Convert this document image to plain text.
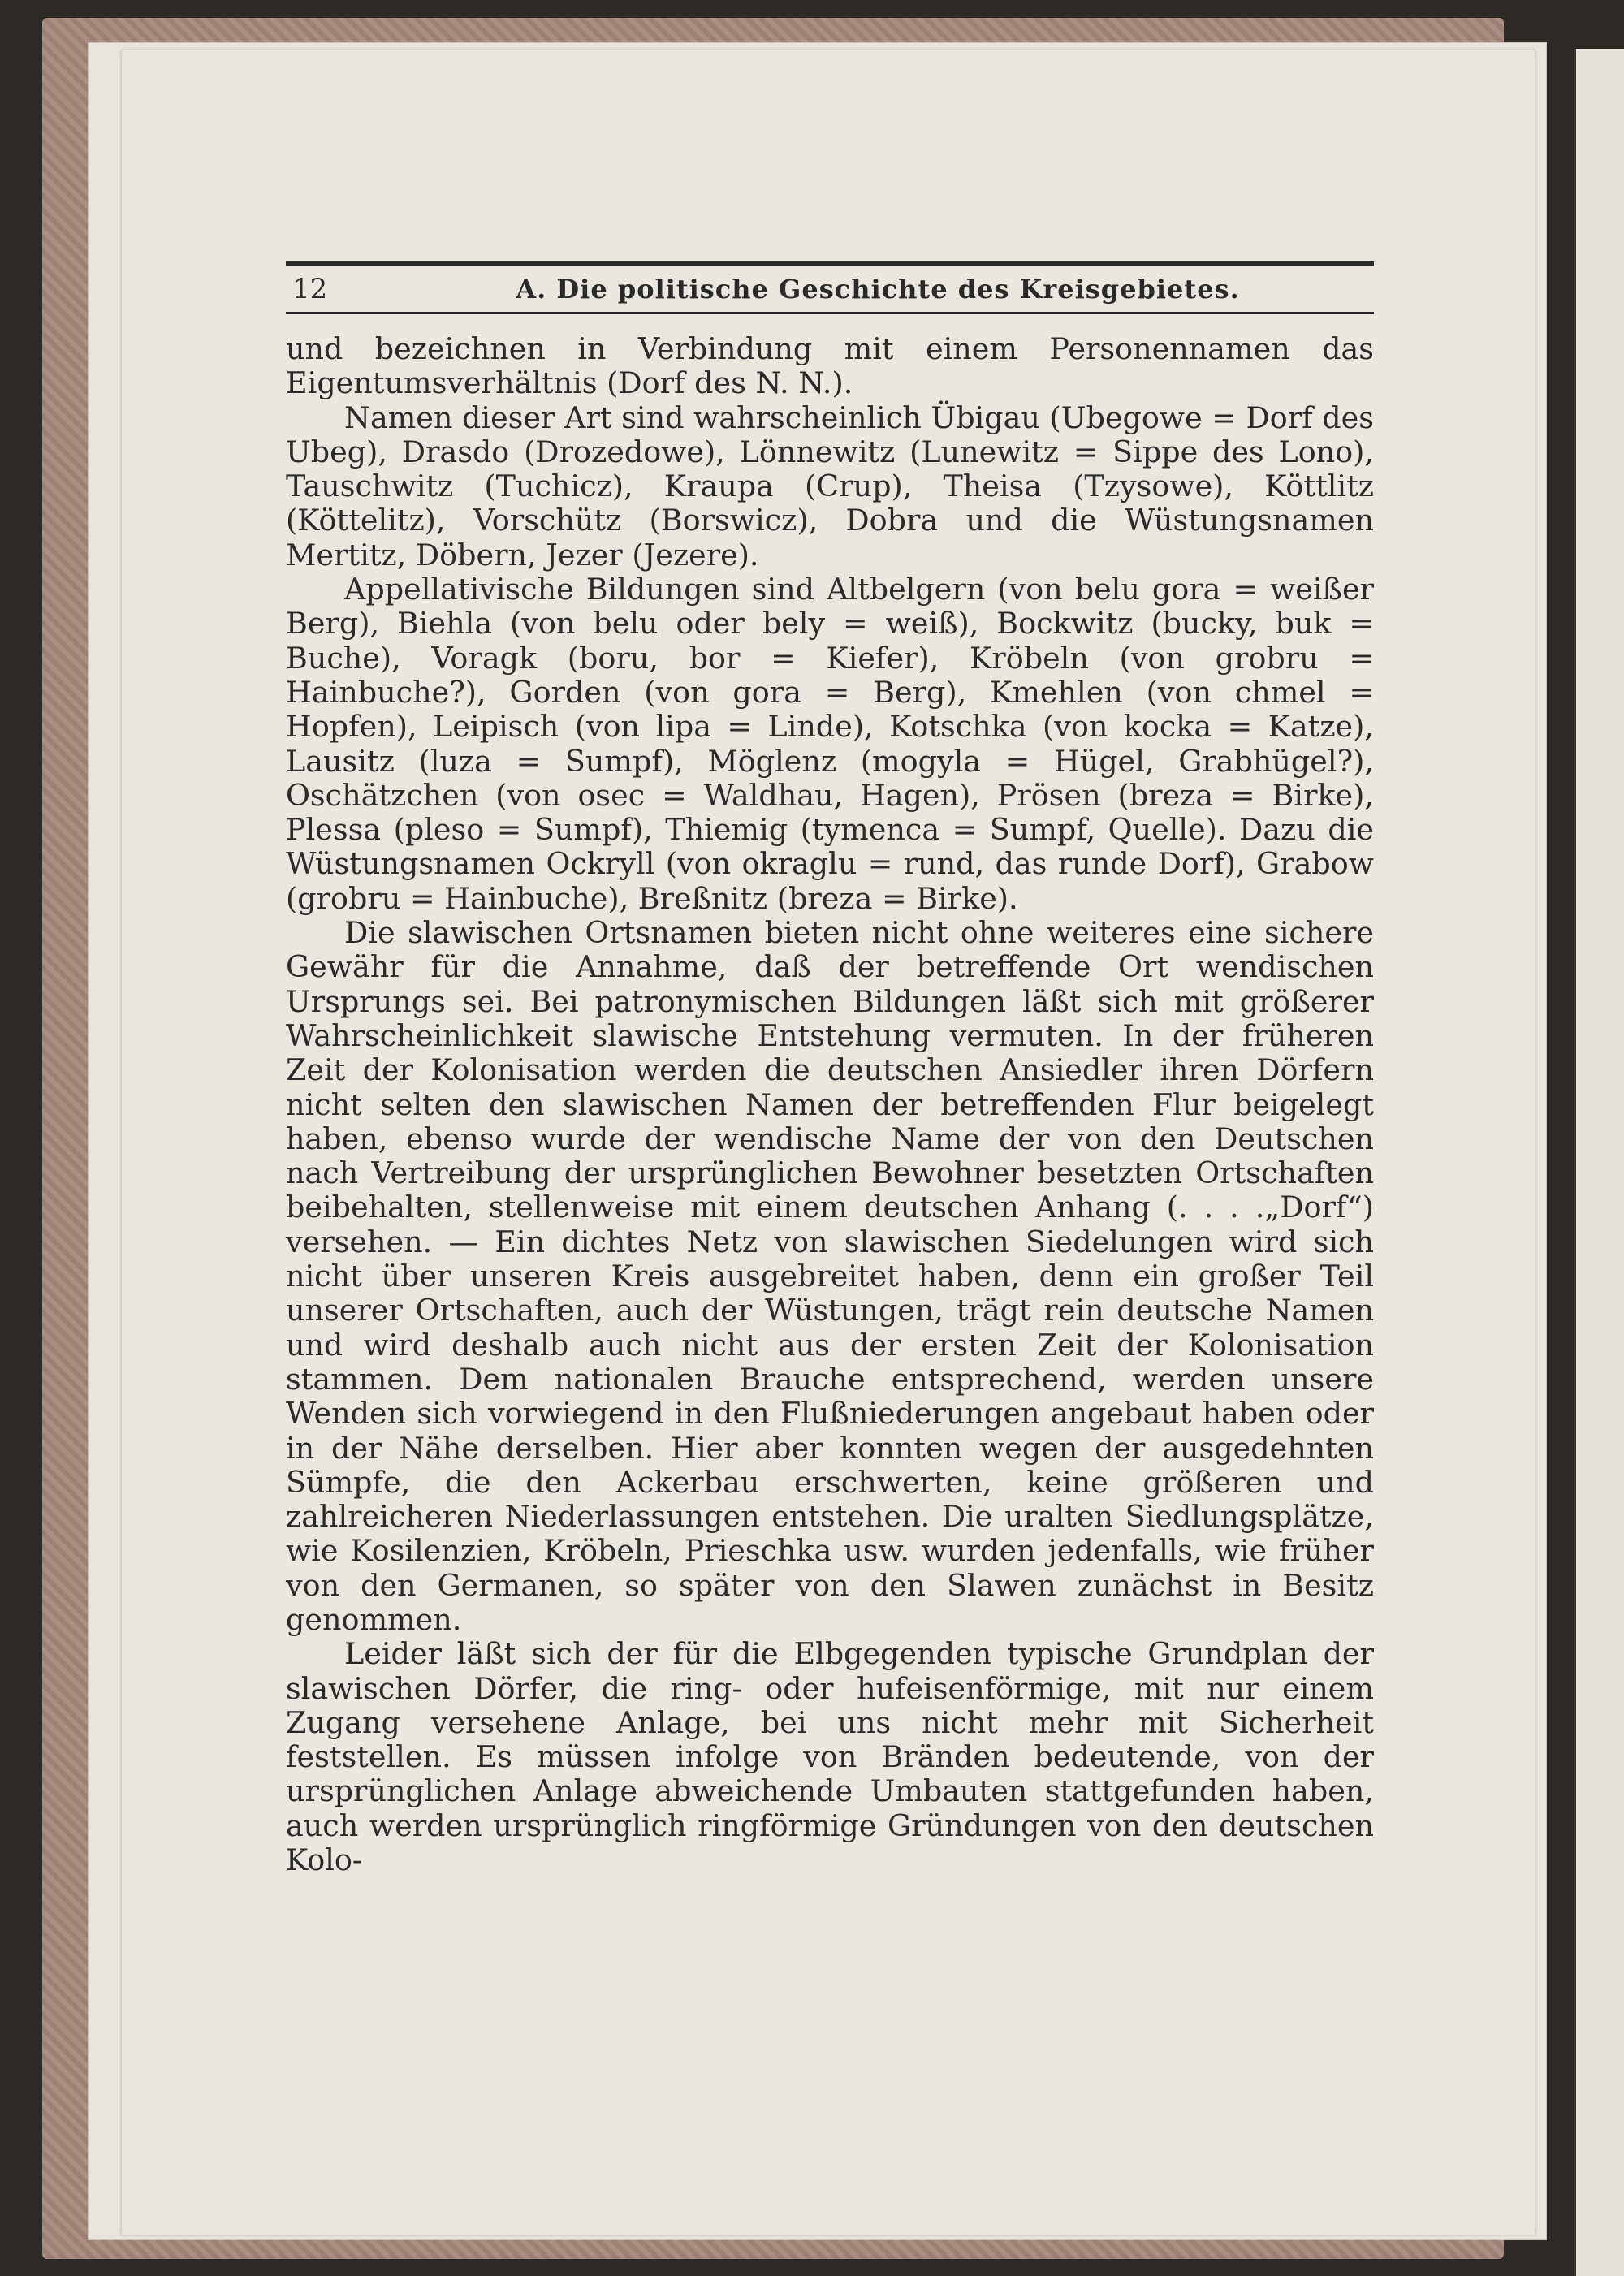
12	A. Die politische Geschichte des Kreisgebietes.

und bezeichnen in Verbindung mit einem Personennamen das Eigentumsverhältnis (Dorf des N. N.).

Namen dieser Art sind wahrscheinlich Übigau (Ubegowe = Dorf des Ubeg), Drasdo (Drozedowe), Lönnewitz (Lunewitz = Sippe des Lono), Tauschwitz (Tuchicz), Kraupa (Crup), Theisa (Tzysowe), Köttlitz (Köttelitz), Vorschütz (Borswicz), Dobra und die Wüstungsnamen Mertitz, Döbern, Jezer (Jezere).

Appellativische Bildungen sind Altbelgern (von belu gora = weißer Berg), Biehla (von belu oder bely = weiß), Bockwitz (bucky, buk = Buche), Voragk (boru, bor = Kiefer), Kröbeln (von grobru = Hainbuche?), Gorden (von gora = Berg), Kmehlen (von chmel = Hopfen), Leipisch (von lipa = Linde), Kotschka (von kocka = Katze), Lausitz (luza = Sumpf), Möglenz (mogyla = Hügel, Grabhügel?), Oschätzchen (von osec = Waldhau, Hagen), Prösen (breza = Birke), Plessa (pleso = Sumpf), Thiemig (tymenca = Sumpf, Quelle). Dazu die Wüstungsnamen Ockryll (von okraglu = rund, das runde Dorf), Grabow (grobru = Hainbuche), Breßnitz (breza = Birke).

Die slawischen Ortsnamen bieten nicht ohne weiteres eine sichere Gewähr für die Annahme, daß der betreffende Ort wendischen Ursprungs sei. Bei patronymischen Bildungen läßt sich mit größerer Wahrscheinlichkeit slawische Entstehung vermuten. In der früheren Zeit der Kolonisation werden die deutschen Ansiedler ihren Dörfern nicht selten den slawischen Namen der betreffenden Flur beigelegt haben, ebenso wurde der wendische Name der von den Deutschen nach Vertreibung der ursprünglichen Bewohner besetzten Ortschaften beibehalten, stellenweise mit einem deutschen Anhang (. . . .„Dorf“) versehen. — Ein dichtes Netz von slawischen Siedelungen wird sich nicht über unseren Kreis ausgebreitet haben, denn ein großer Teil unserer Ortschaften, auch der Wüstungen, trägt rein deutsche Namen und wird deshalb auch nicht aus der ersten Zeit der Kolonisation stammen. Dem nationalen Brauche entsprechend, werden unsere Wenden sich vorwiegend in den Flußniederungen angebaut haben oder in der Nähe derselben. Hier aber konnten wegen der ausgedehnten Sümpfe, die den Ackerbau erschwerten, keine größeren und zahlreicheren Niederlassungen entstehen. Die uralten Siedlungsplätze, wie Kosilenzien, Kröbeln, Prieschka usw. wurden jedenfalls, wie früher von den Germanen, so später von den Slawen zunächst in Besitz genommen.

Leider läßt sich der für die Elbgegenden typische Grundplan der slawischen Dörfer, die ring- oder hufeisenförmige, mit nur einem Zugang versehene Anlage, bei uns nicht mehr mit Sicherheit feststellen. Es müssen infolge von Bränden bedeutende, von der ursprünglichen Anlage abweichende Umbauten stattgefunden haben, auch werden ursprünglich ringförmige Gründungen von den deutschen Kolo-
